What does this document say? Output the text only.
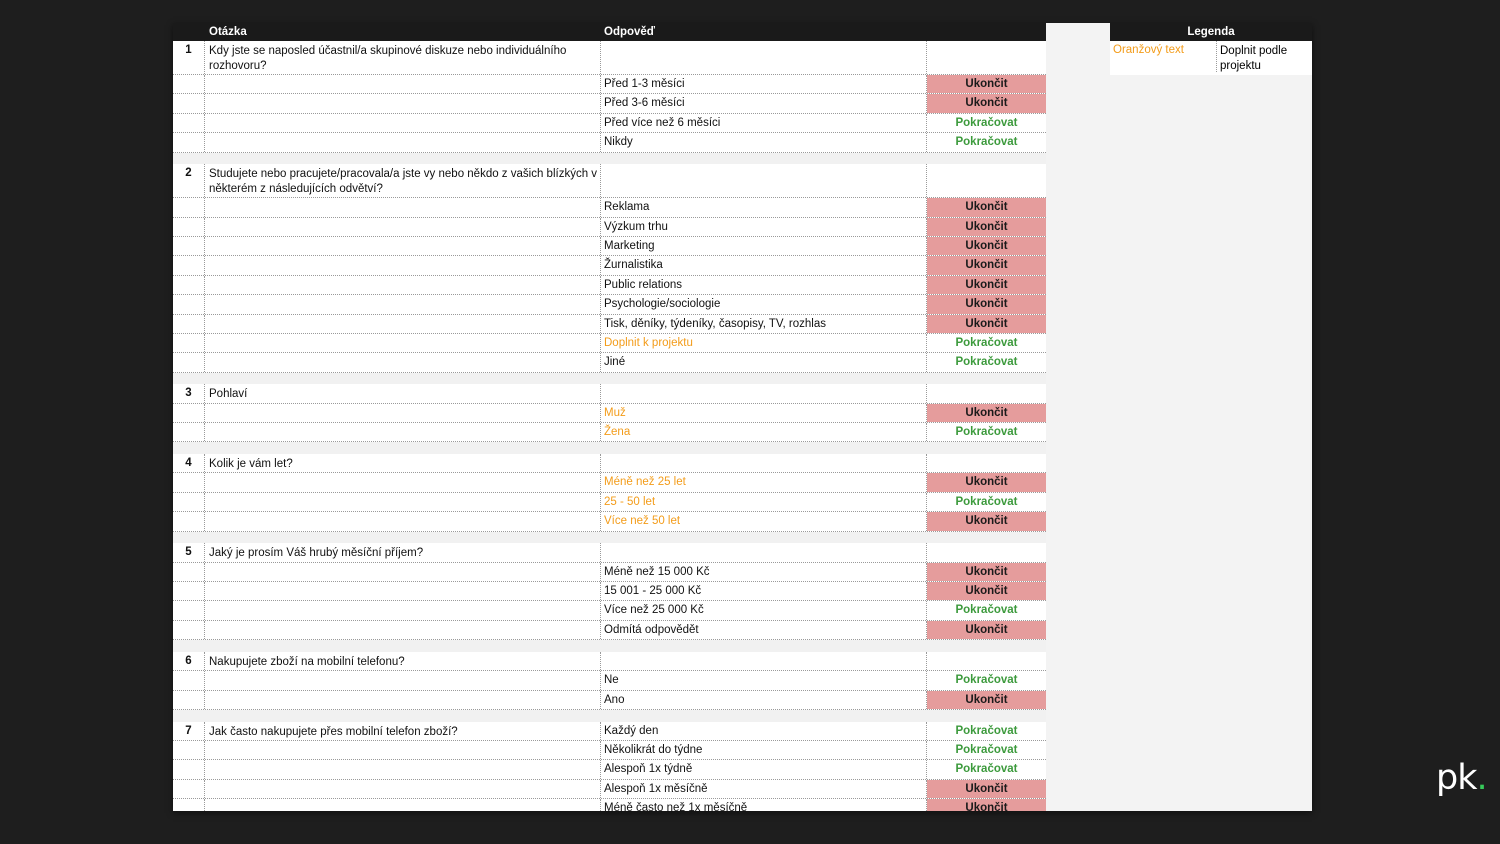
Otázka	Odpověď
1	Kdy jste se naposled účastnil/a skupinové diskuze nebo individuálního rozhovoru?
Před 1-3 měsíci	Ukončit
Před 3-6 měsíci	Ukončit
Před více než 6 měsíci	Pokračovat
Nikdy	Pokračovat
2	Studujete nebo pracujete/pracovala/a jste vy nebo někdo z vašich blízkých v některém z následujících odvětví?
Reklama	Ukončit
Výzkum trhu	Ukončit
Marketing	Ukončit
Žurnalistika	Ukončit
Public relations	Ukončit
Psychologie/sociologie	Ukončit
Tisk, děníky, týdeníky, časopisy, TV, rozhlas	Ukončit
Doplnit k projektu	Pokračovat
Jiné	Pokračovat
3	Pohlaví
Muž	Ukončit
Žena	Pokračovat
4	Kolik je vám let?
Méně než 25 let	Ukončit
25 - 50 let	Pokračovat
Více než 50 let	Ukončit
5	Jaký je prosím Váš hrubý měsíční příjem?
Méně než 15 000 Kč	Ukončit
15 001 - 25 000 Kč	Ukončit
Více než 25 000 Kč	Pokračovat
Odmítá odpovědět	Ukončit
6	Nakupujete zboží na mobilní telefonu?
Ne	Pokračovat
Ano	Ukončit
7	Jak často nakupujete přes mobilní telefon zboží?	Každý den	Pokračovat
Několikrát do týdne	Pokračovat
Alespoň 1x týdně	Pokračovat
Alespoň 1x měsíčně	Ukončit
Méně často než 1x měsíčně	Ukončit
Legenda
Oranžový text	Doplnit podle projektu
pk.
